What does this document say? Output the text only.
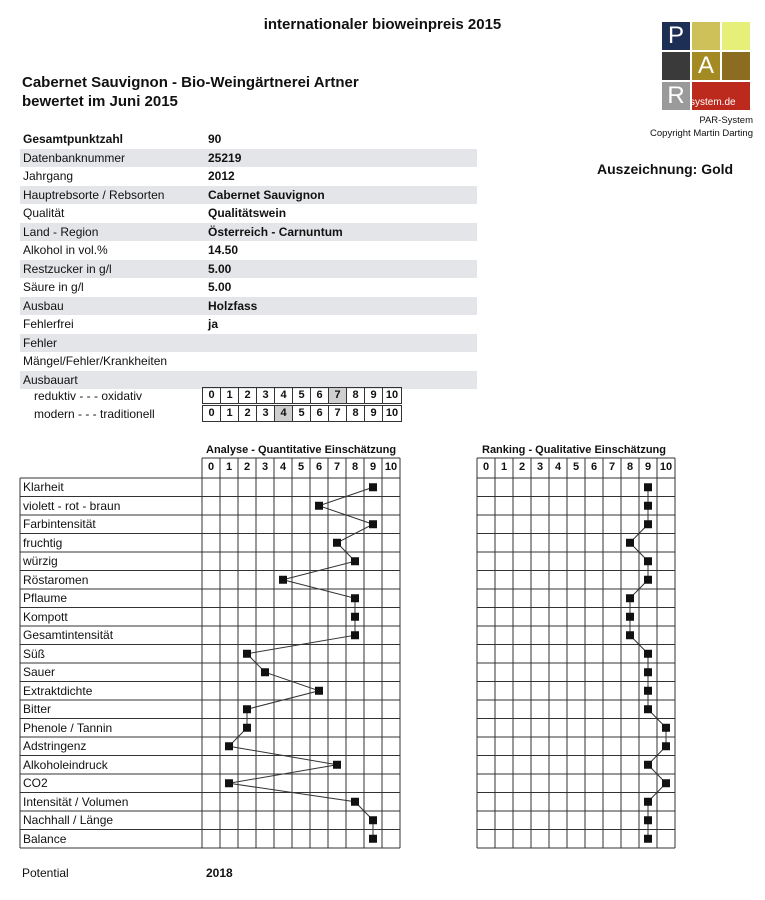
internationaler bioweinpreis 2015
Cabernet Sauvignon - Bio-Weingärtnerei Artner
bewertet im Juni 2015
P
A
R system.de
PAR-System
Copyright Martin Darting
Auszeichnung: Gold
Gesamtpunktzahl	90
Datenbanknummer	25219
Jahrgang	2012
Hauptrebsorte / Rebsorten	Cabernet Sauvignon
Qualität	Qualitätswein
Land - Region	Österreich - Carnuntum
Alkohol in vol.%	14.50
Restzucker in g/l	5.00
Säure in g/l	5.00
Ausbau	Holzfass
Fehlerfrei	ja
Fehler
Mängel/Fehler/Krankheiten
Ausbauart
reduktiv - - - oxidativ	0	1	2	3	4	5	6	7	8	9 10
modern - - - traditionell	0	1	2	3	4	5	6	7	8	9 10
Analyse - Quantitative Einschätzung	Ranking - Qualitative Einschätzung
Klarheit
violett - rot - braun
Farbintensität
fruchtig
würzig
Röstaromen
Pflaume
Kompott
Gesamtintensität
Süß
Sauer
Extraktdichte
Bitter
Phenole / Tannin
Adstringenz
Alkoholeindruck
CO2
Intensität / Volumen
Nachhall / Länge
Balance
0	1	2	3	4	5	6	7	8	9 10	0	1	2	3	4	5	6	7	8	9 10
Potential	2018
